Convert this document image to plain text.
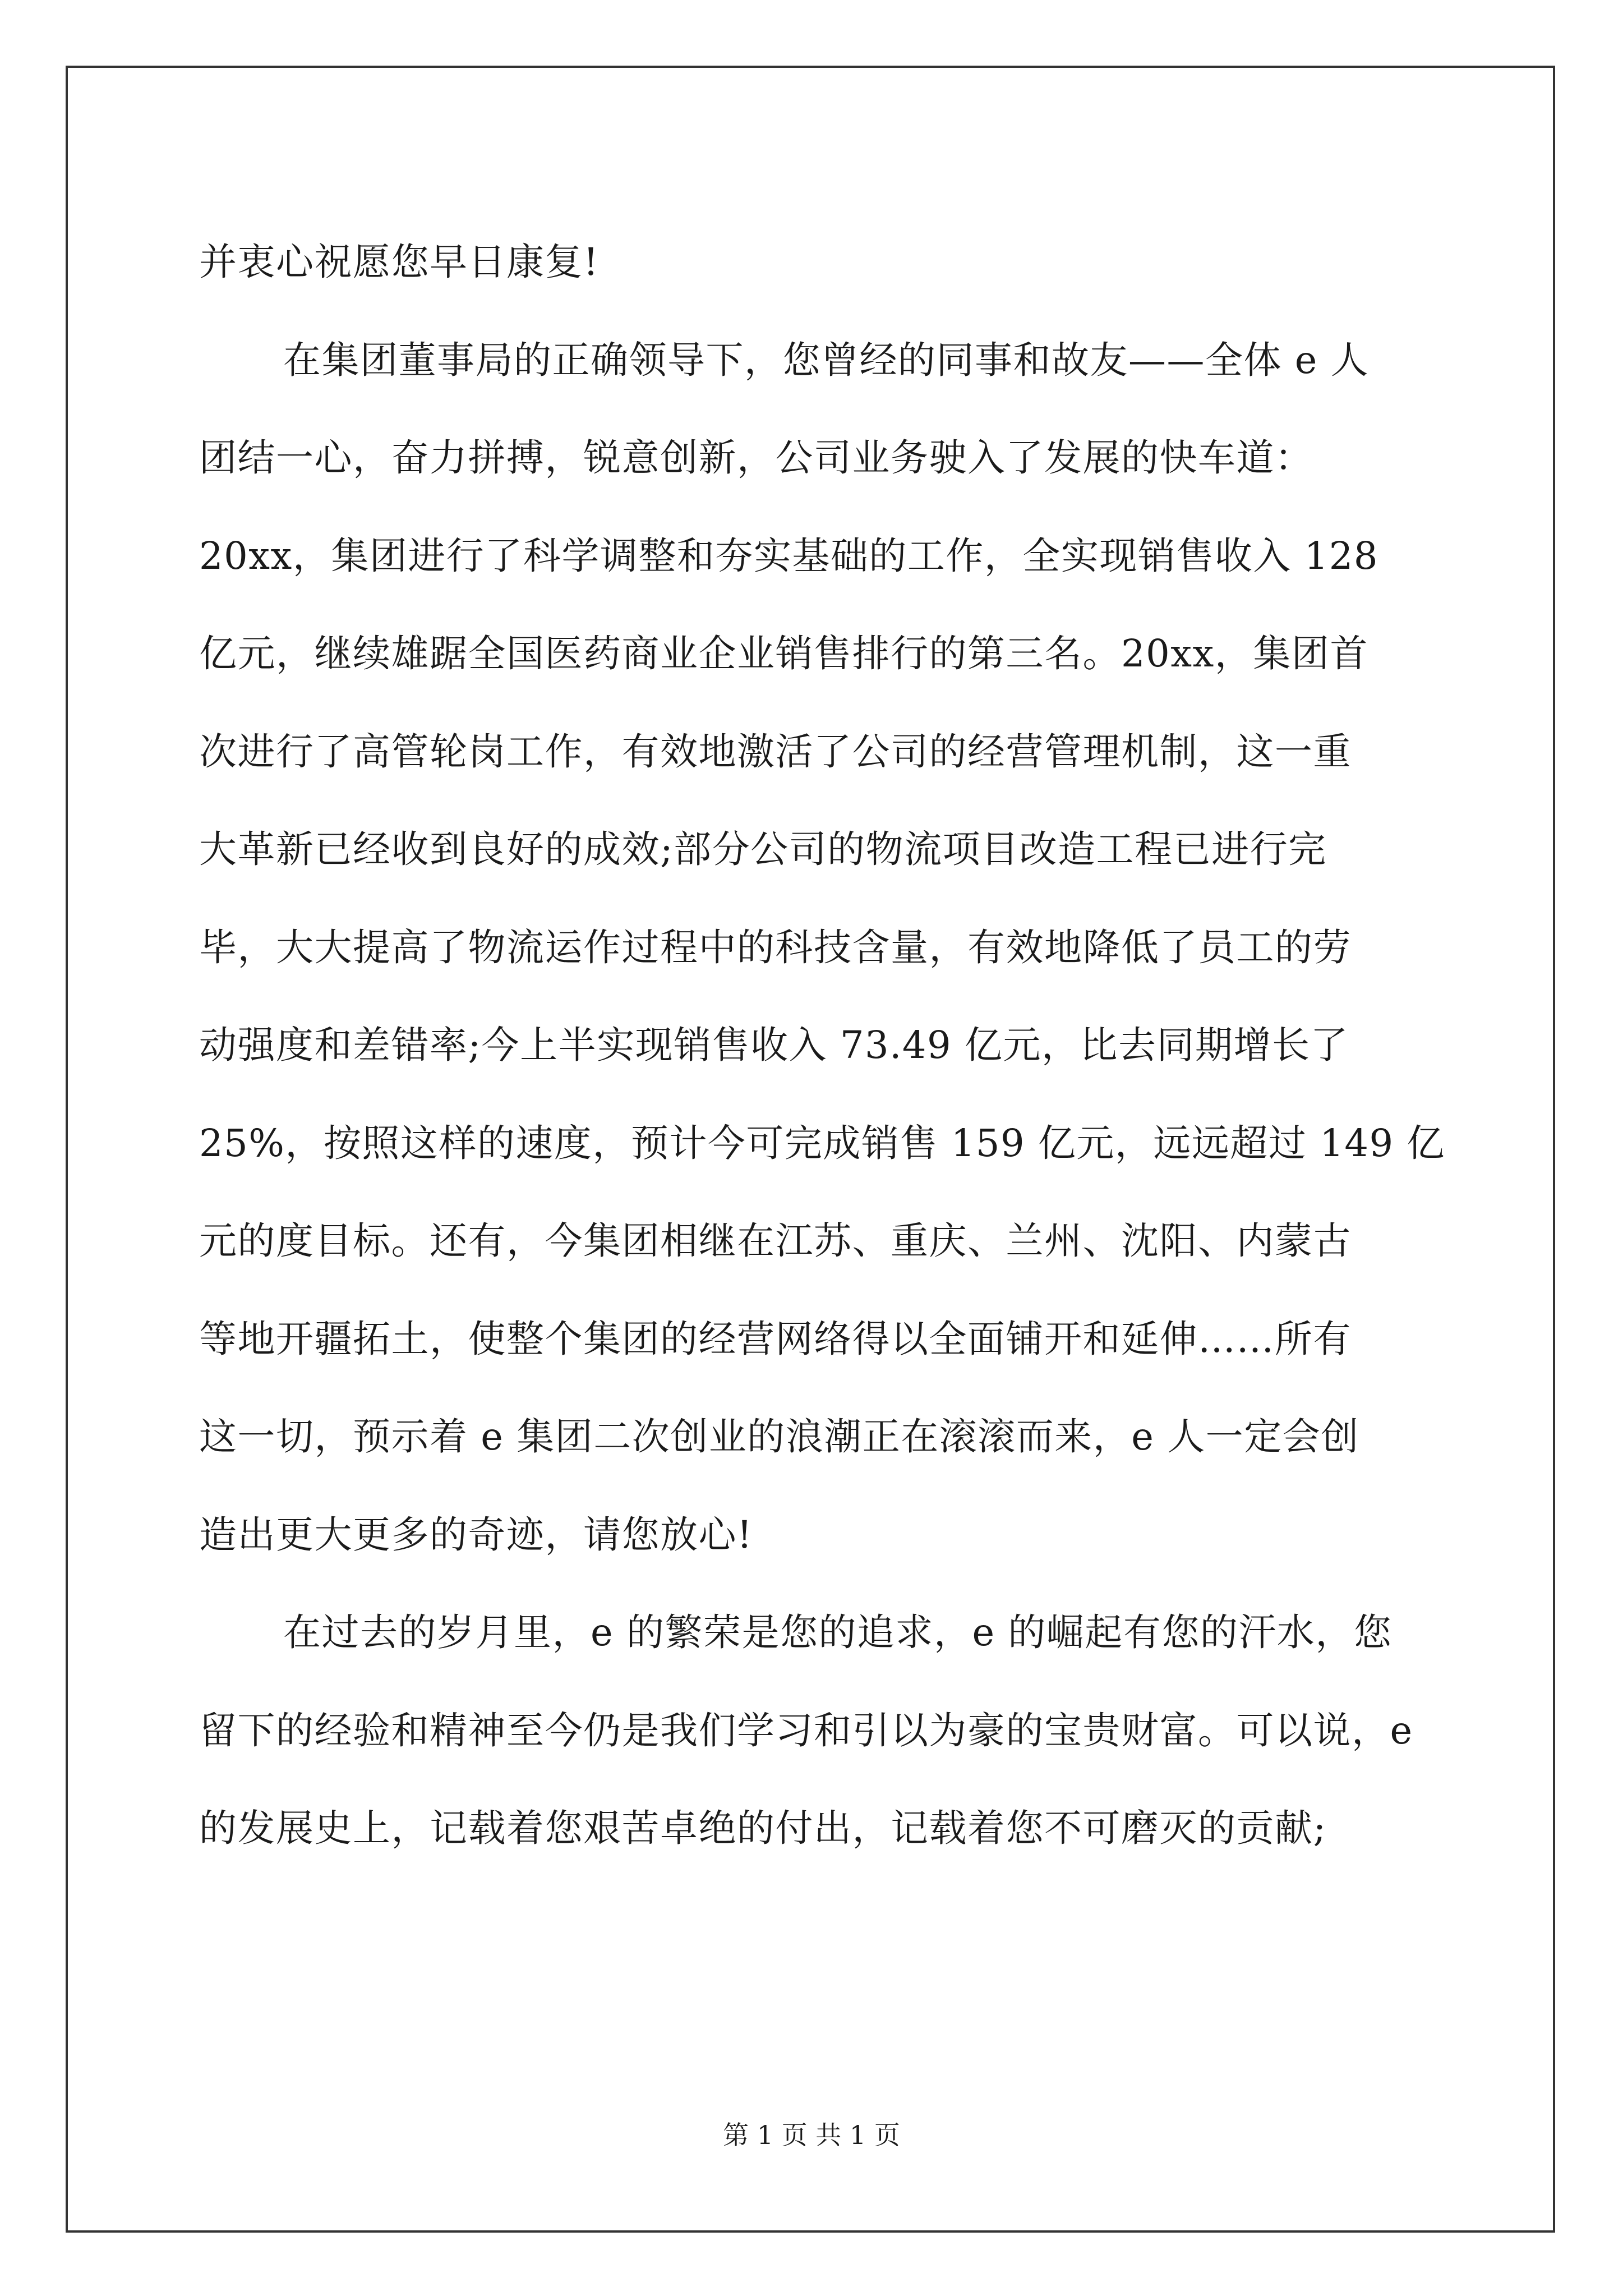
并衷心祝愿您早日康复!
在集团董事局的正确领导下，您曾经的同事和故友——全体 e 人
团结一心，奋力拼搏，锐意创新，公司业务驶入了发展的快车道：
20xx，集团进行了科学调整和夯实基础的工作，全实现销售收入 128
亿元，继续雄踞全国医药商业企业销售排行的第三名。20xx，集团首
次进行了高管轮岗工作，有效地激活了公司的经营管理机制，这一重
大革新已经收到良好的成效;部分公司的物流项目改造工程已进行完
毕，大大提高了物流运作过程中的科技含量，有效地降低了员工的劳
动强度和差错率;今上半实现销售收入 73.49 亿元，比去同期增长了
25%，按照这样的速度，预计今可完成销售 159 亿元，远远超过 149 亿
元的度目标。还有，今集团相继在江苏、重庆、兰州、沈阳、内蒙古
等地开疆拓土，使整个集团的经营网络得以全面铺开和延伸……所有
这一切，预示着 e 集团二次创业的浪潮正在滚滚而来，e 人一定会创
造出更大更多的奇迹，请您放心!
在过去的岁月里，e 的繁荣是您的追求，e 的崛起有您的汗水，您
留下的经验和精神至今仍是我们学习和引以为豪的宝贵财富。可以说，e
的发展史上，记载着您艰苦卓绝的付出，记载着您不可磨灭的贡献;
第 1 页 共 1 页
